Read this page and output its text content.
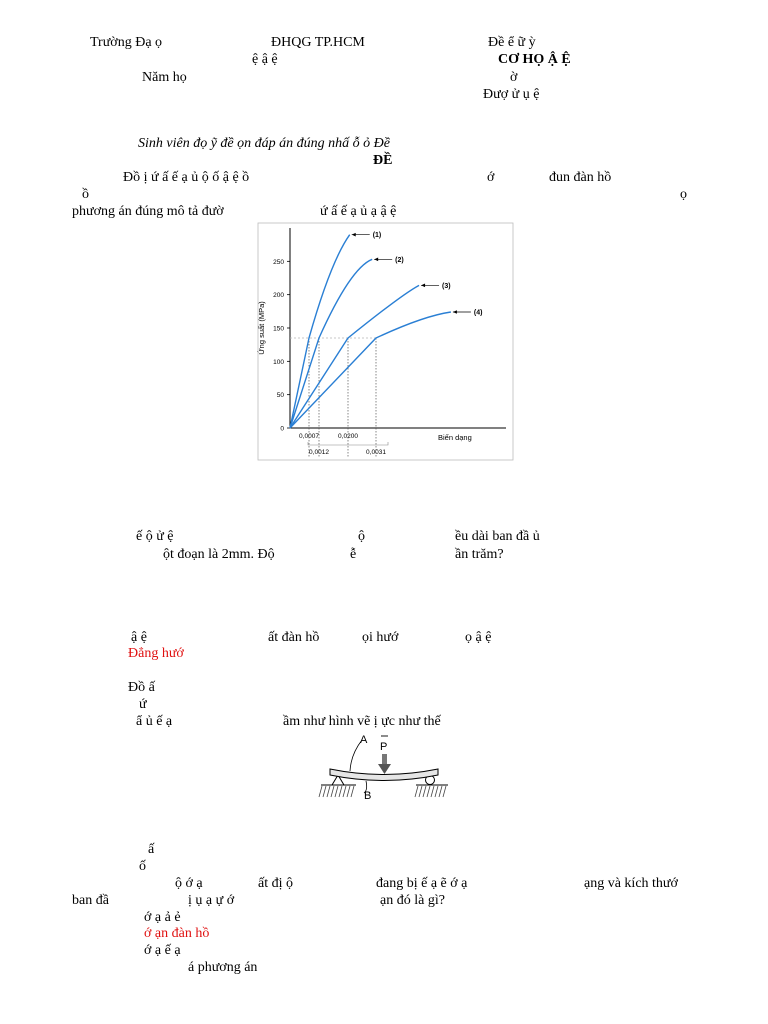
Trường Đạ ọ	ĐHQG TP.HCM
ệ ậ ệ
Năm họ
Đề ể ữ ỳ
CƠ HỌ Ậ Ệ
ờ
Đượ ử ụ ệ
Sinh viên đọ ỹ đề ọn đáp án đúng nhấ ỗ ỏ Đề
ĐỀ
Đồ ị ứ ấ ế ạ ủ ộ ố ậ ệ ồ	ớ	đun đàn hồ
ồ	ọ
phương án đúng mô tả đườ	ứ ấ ế ạ ủ ạ ậ ệ
0
50
100
150
200
250
Ứng suất (MPa)
Biến dạng
0,0007	0,0200
0,0012	0,0031
(1)
(2)
(3)
(4)
ế ộ ử ệ	ộ	ều dài ban đầ ủ
ột đoạn là 2mm. Độ	ễ	ần trăm?
ậ ệ	ất đàn hồ	ọi hướ	ọ ậ ệ
Đẳng hướ
Đồ ấ
ứ
ẩ ủ ế ạ	ầm như hình vẽ ị ực như thế
A
P
B
ấ
ố
ộ ớ ạ	ất đị ộ	đang bị ế ạ ẽ ớ ạ	ạng và kích thướ
ban đầ	ị ụ ạ ự ớ	ạn đó là gì?
ớ ạ ả ẻ
ớ ạn đàn hồ
ớ ạ ế ạ
á phương án
